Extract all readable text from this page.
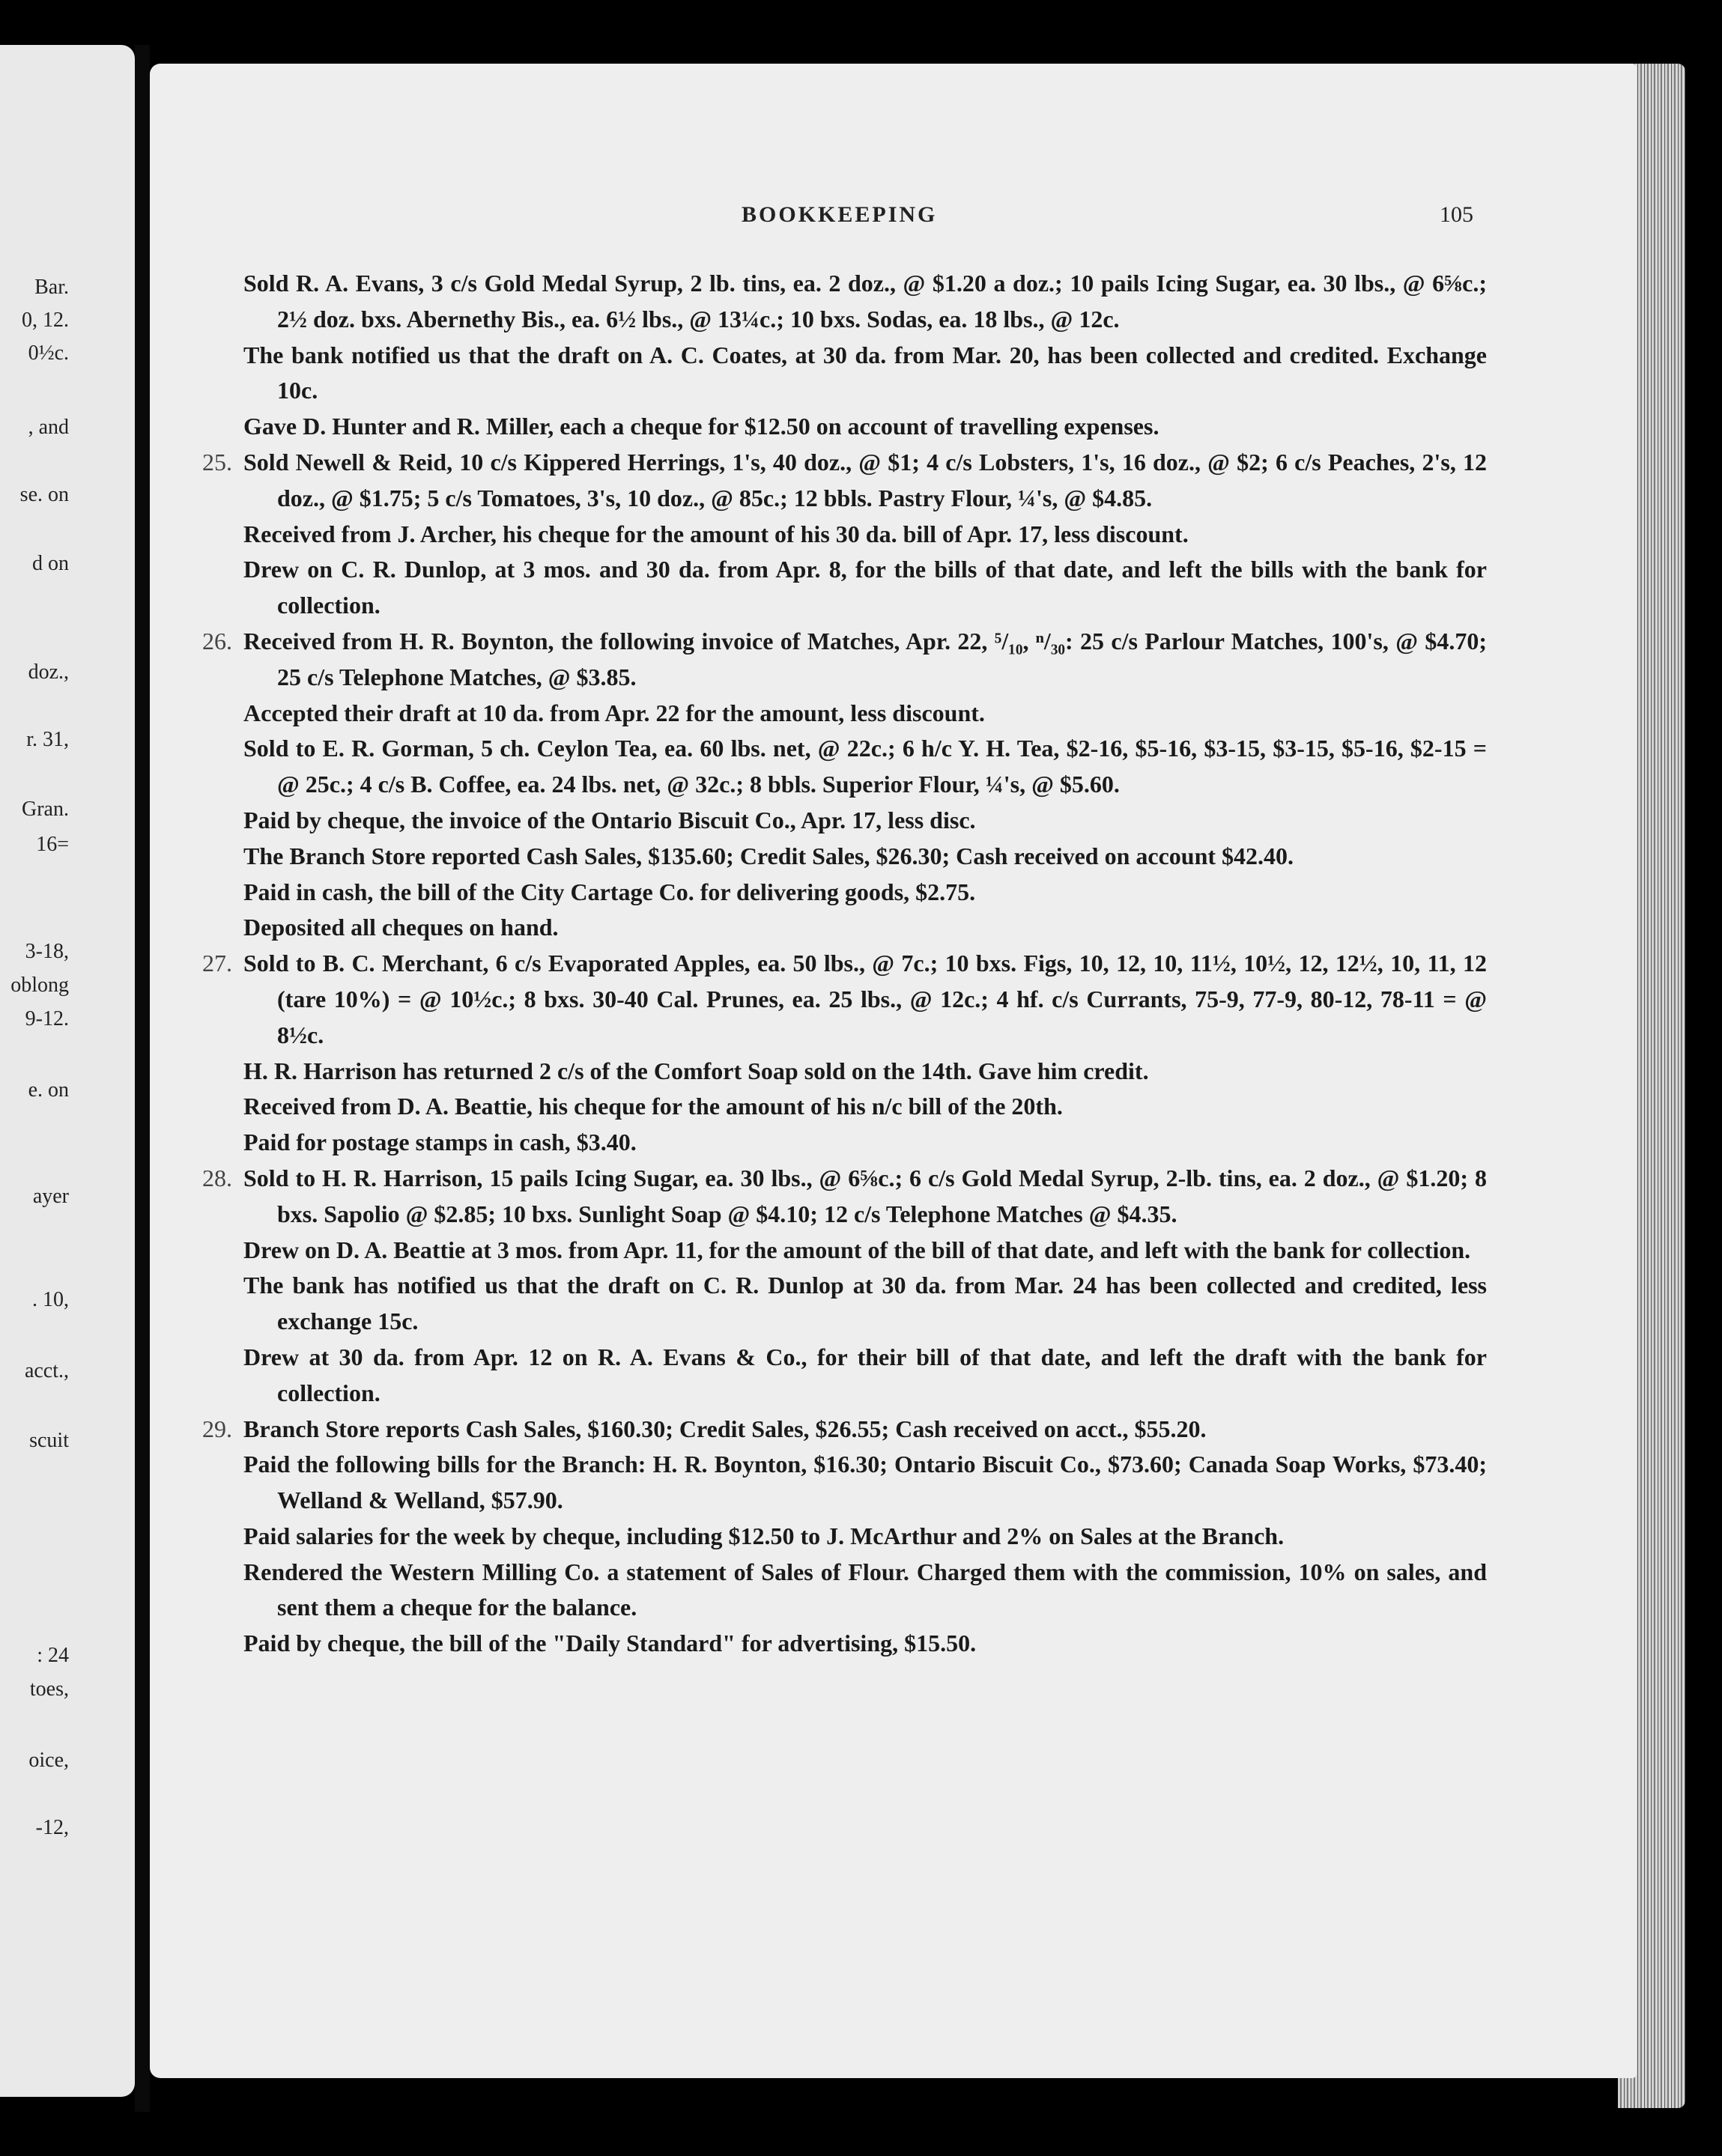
Bar.
0, 12.
0½c.
, and
se. on
d on
doz.,
r. 31,
Gran.
16=
3-18,
oblong
9-12.
e. on
ayer
. 10,
acct.,
scuit
: 24
toes,
oice,
-12,
BOOKKEEPING	105
Sold R. A. Evans, 3 c/s Gold Medal Syrup, 2 lb. tins, ea. 2 doz., @ $1.20 a doz.; 10 pails Icing Sugar, ea. 30 lbs., @ 6⅝c.; 2½ doz. bxs. Abernethy Bis., ea. 6½ lbs., @ 13¼c.; 10 bxs. Sodas, ea. 18 lbs., @ 12c.
The bank notified us that the draft on A. C. Coates, at 30 da. from Mar. 20, has been collected and credited. Exchange 10c.
Gave D. Hunter and R. Miller, each a cheque for $12.50 on account of travelling expenses.
25. Sold Newell & Reid, 10 c/s Kippered Herrings, 1's, 40 doz., @ $1; 4 c/s Lobsters, 1's, 16 doz., @ $2; 6 c/s Peaches, 2's, 12 doz., @ $1.75; 5 c/s Tomatoes, 3's, 10 doz., @ 85c.; 12 bbls. Pastry Flour, ¼'s, @ $4.85.
Received from J. Archer, his cheque for the amount of his 30 da. bill of Apr. 17, less discount.
Drew on C. R. Dunlop, at 3 mos. and 30 da. from Apr. 8, for the bills of that date, and left the bills with the bank for collection.
26. Received from H. R. Boynton, the following invoice of Matches, Apr. 22, ⁵/₁₀, ⁿ/₃₀: 25 c/s Parlour Matches, 100's, @ $4.70; 25 c/s Telephone Matches, @ $3.85.
Accepted their draft at 10 da. from Apr. 22 for the amount, less discount.
Sold to E. R. Gorman, 5 ch. Ceylon Tea, ea. 60 lbs. net, @ 22c.; 6 h/c Y. H. Tea, $2-16, $5-16, $3-15, $3-15, $5-16, $2-15 = @ 25c.; 4 c/s B. Coffee, ea. 24 lbs. net, @ 32c.; 8 bbls. Superior Flour, ¼'s, @ $5.60.
Paid by cheque, the invoice of the Ontario Biscuit Co., Apr. 17, less disc.
The Branch Store reported Cash Sales, $135.60; Credit Sales, $26.30; Cash received on account $42.40.
Paid in cash, the bill of the City Cartage Co. for delivering goods, $2.75.
Deposited all cheques on hand.
27. Sold to B. C. Merchant, 6 c/s Evaporated Apples, ea. 50 lbs., @ 7c.; 10 bxs. Figs, 10, 12, 10, 11½, 10½, 12, 12½, 10, 11, 12 (tare 10%) = @ 10½c.; 8 bxs. 30-40 Cal. Prunes, ea. 25 lbs., @ 12c.; 4 hf. c/s Currants, 75-9, 77-9, 80-12, 78-11 = @ 8½c.
H. R. Harrison has returned 2 c/s of the Comfort Soap sold on the 14th. Gave him credit.
Received from D. A. Beattie, his cheque for the amount of his n/c bill of the 20th.
Paid for postage stamps in cash, $3.40.
28. Sold to H. R. Harrison, 15 pails Icing Sugar, ea. 30 lbs., @ 6⅝c.; 6 c/s Gold Medal Syrup, 2-lb. tins, ea. 2 doz., @ $1.20; 8 bxs. Sapolio @ $2.85; 10 bxs. Sunlight Soap @ $4.10; 12 c/s Telephone Matches @ $4.35.
Drew on D. A. Beattie at 3 mos. from Apr. 11, for the amount of the bill of that date, and left with the bank for collection.
The bank has notified us that the draft on C. R. Dunlop at 30 da. from Mar. 24 has been collected and credited, less exchange 15c.
Drew at 30 da. from Apr. 12 on R. A. Evans & Co., for their bill of that date, and left the draft with the bank for collection.
29. Branch Store reports Cash Sales, $160.30; Credit Sales, $26.55; Cash received on acct., $55.20.
Paid the following bills for the Branch: H. R. Boynton, $16.30; Ontario Biscuit Co., $73.60; Canada Soap Works, $73.40; Welland & Welland, $57.90.
Paid salaries for the week by cheque, including $12.50 to J. McArthur and 2% on Sales at the Branch.
Rendered the Western Milling Co. a statement of Sales of Flour. Charged them with the commission, 10% on sales, and sent them a cheque for the balance.
Paid by cheque, the bill of the "Daily Standard" for advertising, $15.50.
